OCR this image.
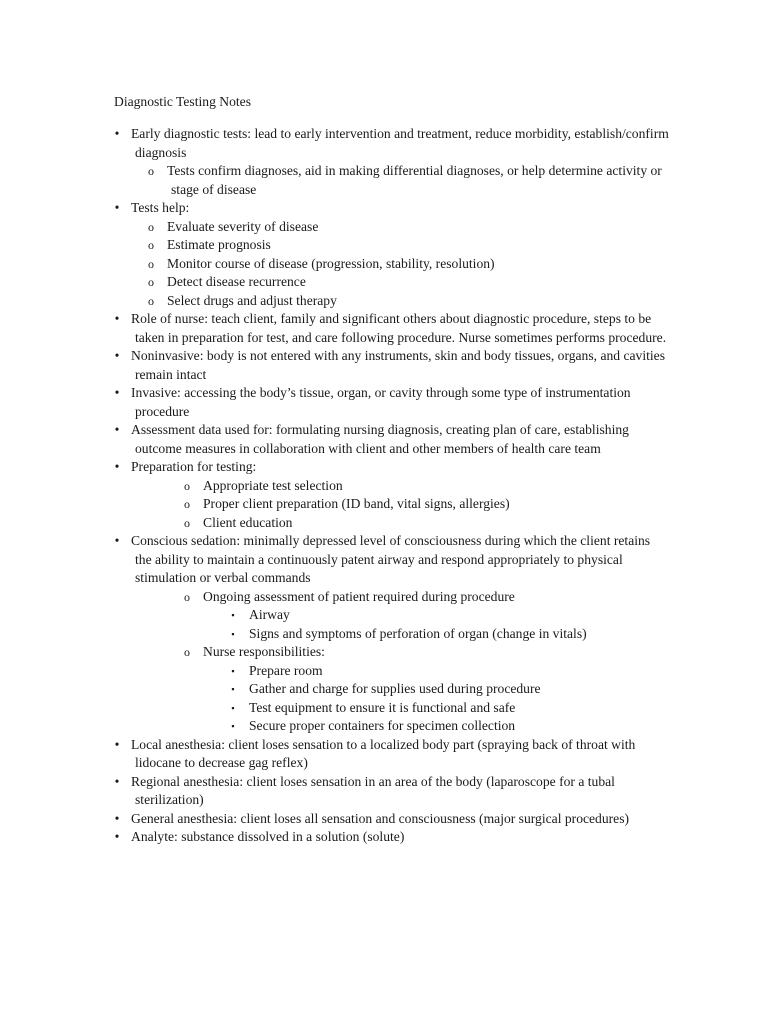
Diagnostic Testing Notes
• Early diagnostic tests: lead to early intervention and treatment, reduce morbidity, establish/confirm diagnosis
o Tests confirm diagnoses, aid in making differential diagnoses, or help determine activity or stage of disease
• Tests help:
o Evaluate severity of disease
o Estimate prognosis
o Monitor course of disease (progression, stability, resolution)
o Detect disease recurrence
o Select drugs and adjust therapy
• Role of nurse: teach client, family and significant others about diagnostic procedure, steps to be taken in preparation for test, and care following procedure. Nurse sometimes performs procedure.
• Noninvasive: body is not entered with any instruments, skin and body tissues, organs, and cavities remain intact
• Invasive: accessing the body’s tissue, organ, or cavity through some type of instrumentation procedure
• Assessment data used for: formulating nursing diagnosis, creating plan of care, establishing outcome measures in collaboration with client and other members of health care team
• Preparation for testing:
o Appropriate test selection
o Proper client preparation (ID band, vital signs, allergies)
o Client education
• Conscious sedation: minimally depressed level of consciousness during which the client retains the ability to maintain a continuously patent airway and respond appropriately to physical stimulation or verbal commands
o Ongoing assessment of patient required during procedure
▪ Airway
▪ Signs and symptoms of perforation of organ (change in vitals)
o Nurse responsibilities:
▪ Prepare room
▪ Gather and charge for supplies used during procedure
▪ Test equipment to ensure it is functional and safe
▪ Secure proper containers for specimen collection
• Local anesthesia: client loses sensation to a localized body part (spraying back of throat with lidocane to decrease gag reflex)
• Regional anesthesia: client loses sensation in an area of the body (laparoscope for a tubal sterilization)
• General anesthesia: client loses all sensation and consciousness (major surgical procedures)
• Analyte: substance dissolved in a solution (solute)
